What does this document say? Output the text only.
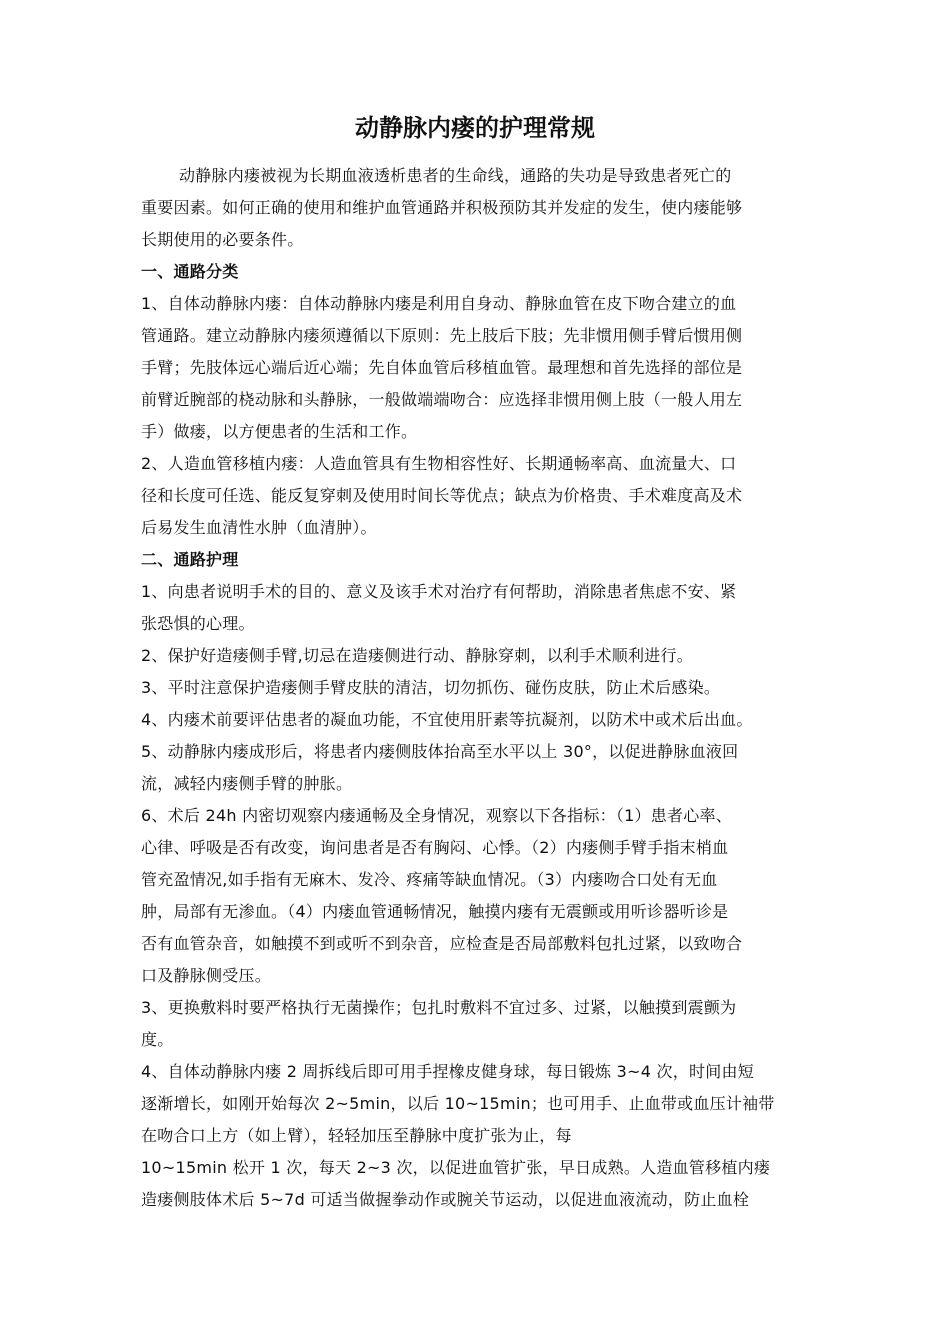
动静脉内瘘的护理常规
动静脉内瘘被视为长期血液透析患者的生命线，通路的失功是导致患者死亡的
重要因素。如何正确的使用和维护血管通路并积极预防其并发症的发生，使内瘘能够
长期使用的必要条件。
一、通路分类
1、自体动静脉内瘘：自体动静脉内瘘是利用自身动、静脉血管在皮下吻合建立的血
管通路。建立动静脉内瘘须遵循以下原则：先上肢后下肢；先非惯用侧手臂后惯用侧
手臂；先肢体远心端后近心端；先自体血管后移植血管。最理想和首先选择的部位是
前臂近腕部的桡动脉和头静脉，一般做端端吻合：应选择非惯用侧上肢（一般人用左
手）做瘘，以方便患者的生活和工作。
2、人造血管移植内瘘：人造血管具有生物相容性好、长期通畅率高、血流量大、口
径和长度可任选、能反复穿刺及使用时间长等优点；缺点为价格贵、手术难度高及术
后易发生血清性水肿（血清肿）。
二、通路护理
1、向患者说明手术的目的、意义及该手术对治疗有何帮助，消除患者焦虑不安、紧
张恐惧的心理。
2、保护好造瘘侧手臂,切忌在造瘘侧进行动、静脉穿刺，以利手术顺利进行。
3、平时注意保护造瘘侧手臂皮肤的清洁，切勿抓伤、碰伤皮肤，防止术后感染。
4、内瘘术前要评估患者的凝血功能，不宜使用肝素等抗凝剂，以防术中或术后出血。
5、动静脉内瘘成形后，将患者内瘘侧肢体抬高至水平以上 30°，以促进静脉血液回
流，减轻内瘘侧手臂的肿胀。
6、术后 24h 内密切观察内瘘通畅及全身情况，观察以下各指标：（1）患者心率、
心律、呼吸是否有改变，询问患者是否有胸闷、心悸。（2）内瘘侧手臂手指末梢血
管充盈情况,如手指有无麻木、发冷、疼痛等缺血情况。（3）内瘘吻合口处有无血
肿，局部有无渗血。（4）内瘘血管通畅情况，触摸内瘘有无震颤或用听诊器听诊是
否有血管杂音，如触摸不到或听不到杂音，应检查是否局部敷料包扎过紧，以致吻合
口及静脉侧受压。
3、更换敷料时要严格执行无菌操作；包扎时敷料不宜过多、过紧，以触摸到震颤为
度。
4、自体动静脉内瘘 2 周拆线后即可用手捏橡皮健身球，每日锻炼 3~4 次，时间由短
逐渐增长，如刚开始每次 2~5min，以后 10~15min；也可用手、止血带或血压计袖带
在吻合口上方（如上臂），轻轻加压至静脉中度扩张为止，每
10~15min 松开 1 次，每天 2~3 次，以促进血管扩张，早日成熟。人造血管移植内瘘
造瘘侧肢体术后 5~7d 可适当做握拳动作或腕关节运动，以促进血液流动，防止血栓
